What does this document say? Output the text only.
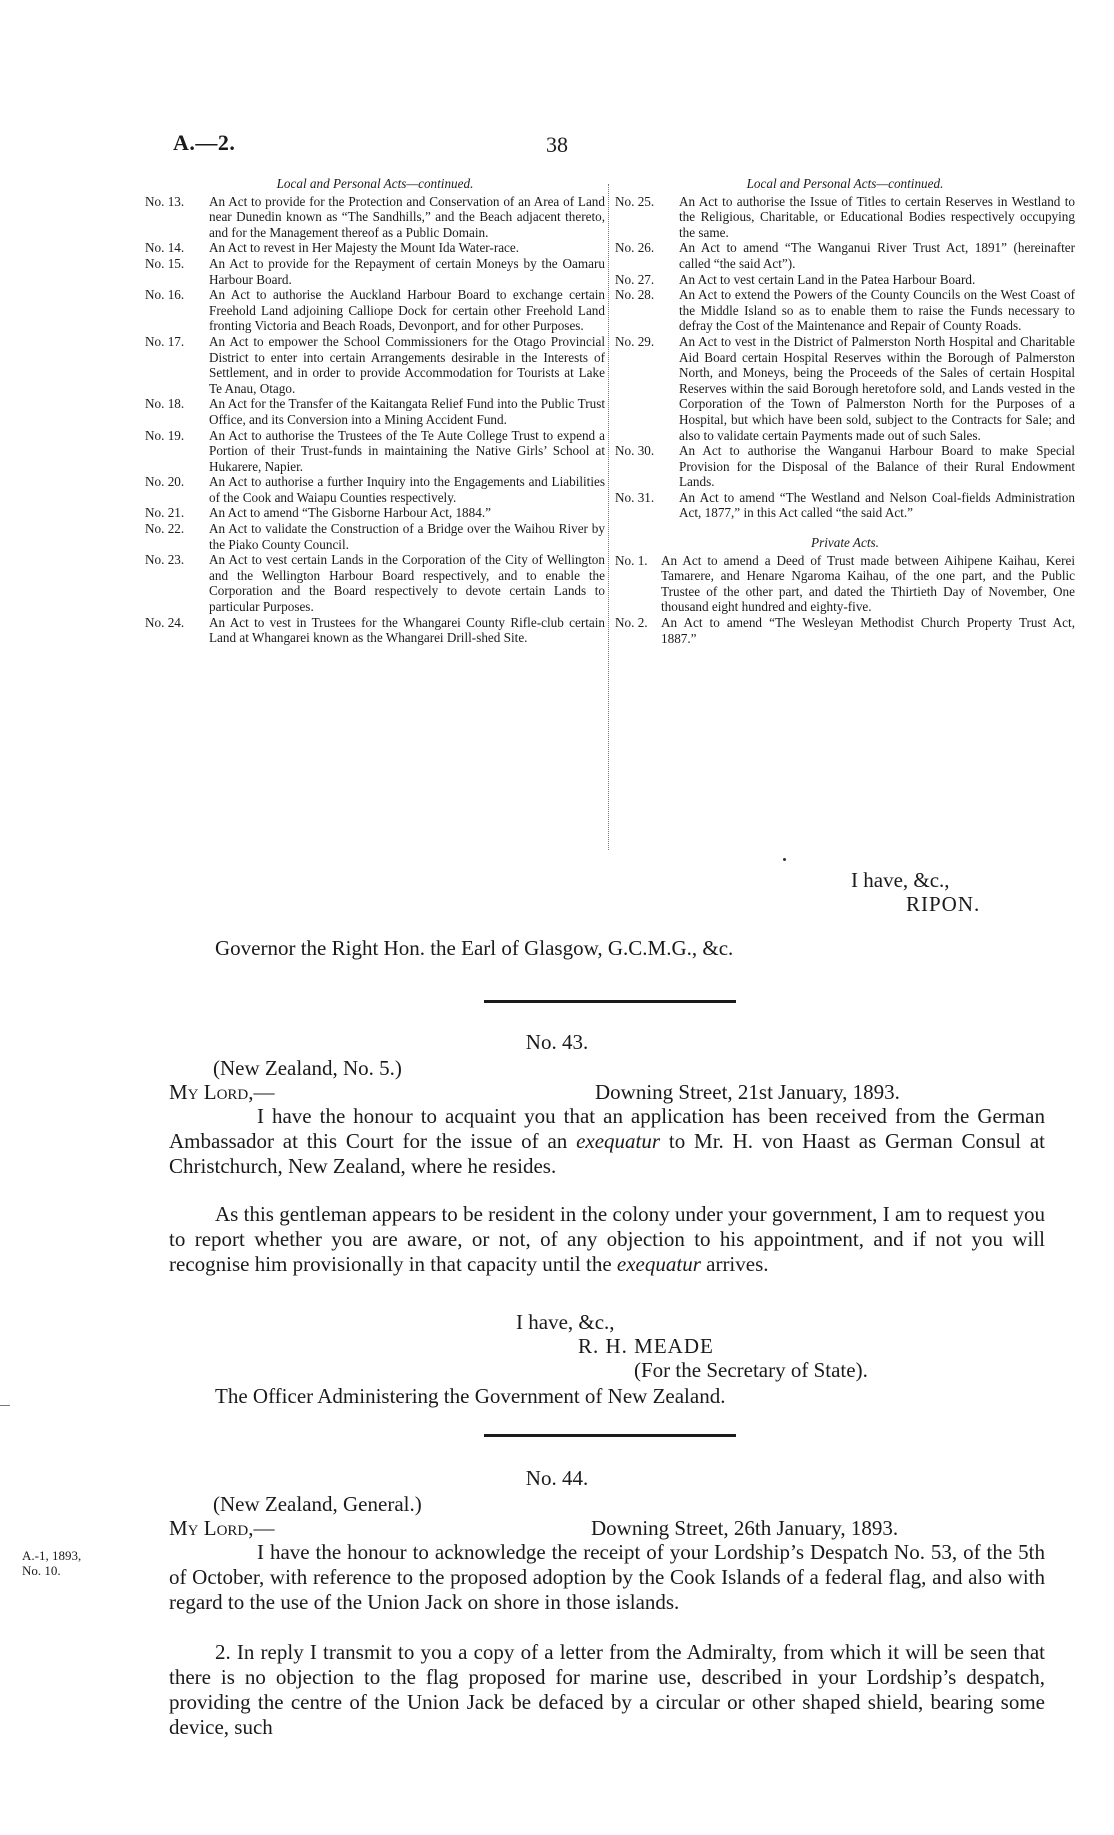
A.—2.	38
Local and Personal Acts—continued.
No. 13.	An Act to provide for the Protection and Conservation of an Area of Land near Dunedin known as “The Sandhills,” and the Beach adjacent thereto, and for the Management thereof as a Public Domain.
No. 14.	An Act to revest in Her Majesty the Mount Ida Water-race.
No. 15.	An Act to provide for the Repayment of certain Moneys by the Oamaru Harbour Board.
No. 16.	An Act to authorise the Auckland Harbour Board to exchange certain Freehold Land adjoining Calliope Dock for certain other Freehold Land fronting Victoria and Beach Roads, Devonport, and for other Purposes.
No. 17.	An Act to empower the School Commissioners for the Otago Provincial District to enter into certain Arrangements desirable in the Interests of Settlement, and in order to provide Accommodation for Tourists at Lake Te Anau, Otago.
No. 18.	An Act for the Transfer of the Kaitangata Relief Fund into the Public Trust Office, and its Conversion into a Mining Accident Fund.
No. 19.	An Act to authorise the Trustees of the Te Aute College Trust to expend a Portion of their Trust-funds in maintaining the Native Girls’ School at Hukarere, Napier.
No. 20.	An Act to authorise a further Inquiry into the Engagements and Liabilities of the Cook and Waiapu Counties respectively.
No. 21.	An Act to amend “The Gisborne Harbour Act, 1884.”
No. 22.	An Act to validate the Construction of a Bridge over the Waihou River by the Piako County Council.
No. 23.	An Act to vest certain Lands in the Corporation of the City of Wellington and the Wellington Harbour Board respectively, and to enable the Corporation and the Board respectively to devote certain Lands to particular Purposes.
No. 24.	An Act to vest in Trustees for the Whangarei County Rifle-club certain Land at Whangarei known as the Whangarei Drill-shed Site.
Local and Personal Acts—continued.
No. 25.	An Act to authorise the Issue of Titles to certain Reserves in Westland to the Religious, Charitable, or Educational Bodies respectively occupying the same.
No. 26.	An Act to amend “The Wanganui River Trust Act, 1891” (hereinafter called “the said Act”).
No. 27.	An Act to vest certain Land in the Patea Harbour Board.
No. 28.	An Act to extend the Powers of the County Councils on the West Coast of the Middle Island so as to enable them to raise the Funds necessary to defray the Cost of the Maintenance and Repair of County Roads.
No. 29.	An Act to vest in the District of Palmerston North Hospital and Charitable Aid Board certain Hospital Reserves within the Borough of Palmerston North, and Moneys, being the Proceeds of the Sales of certain Hospital Reserves within the said Borough heretofore sold, and Lands vested in the Corporation of the Town of Palmerston North for the Purposes of a Hospital, but which have been sold, subject to the Contracts for Sale; and also to validate certain Payments made out of such Sales.
No. 30.	An Act to authorise the Wanganui Harbour Board to make Special Provision for the Disposal of the Balance of their Rural Endowment Lands.
No. 31.	An Act to amend “The Westland and Nelson Coal-fields Administration Act, 1877,” in this Act called “the said Act.”
Private Acts.
No. 1.	An Act to amend a Deed of Trust made between Aihipene Kaihau, Kerei Tamarere, and Henare Ngaroma Kaihau, of the one part, and the Public Trustee of the other part, and dated the Thirtieth Day of November, One thousand eight hundred and eighty-five.
No. 2.	An Act to amend “The Wesleyan Methodist Church Property Trust Act, 1887.”
I have, &c.,
RIPON.
Governor the Right Hon. the Earl of Glasgow, G.C.M.G., &c.
No. 43.
(New Zealand, No. 5.)
My Lord,—	Downing Street, 21st January, 1893.
I have the honour to acquaint you that an application has been received from the German Ambassador at this Court for the issue of an exequatur to Mr. H. von Haast as German Consul at Christchurch, New Zealand, where he resides.
As this gentleman appears to be resident in the colony under your government, I am to request you to report whether you are aware, or not, of any objection to his appointment, and if not you will recognise him provisionally in that capacity until the exequatur arrives.
I have, &c.,
R. H. MEADE
(For the Secretary of State).
The Officer Administering the Government of New Zealand.
No. 44.
(New Zealand, General.)
My Lord,—	Downing Street, 26th January, 1893.
A.-1, 1893,
No. 10.
I have the honour to acknowledge the receipt of your Lordship’s Despatch No. 53, of the 5th of October, with reference to the proposed adoption by the Cook Islands of a federal flag, and also with regard to the use of the Union Jack on shore in those islands.
2. In reply I transmit to you a copy of a letter from the Admiralty, from which it will be seen that there is no objection to the flag proposed for marine use, described in your Lordship’s despatch, providing the centre of the Union Jack be defaced by a circular or other shaped shield, bearing some device, such
